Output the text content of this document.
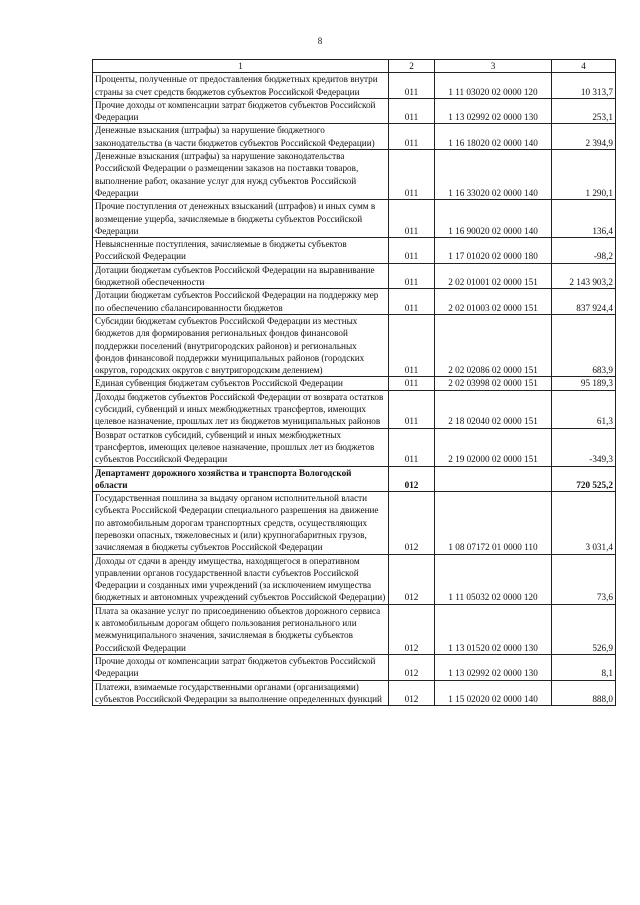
8
1	2	3	4
Проценты, полученные от предоставления бюджетных кредитов внутри страны за счет средств бюджетов субъектов Российской Федерации	011	1 11 03020 02 0000 120	10 313,7
Прочие доходы от компенсации затрат бюджетов субъектов Российской Федерации	011	1 13 02992 02 0000 130	253,1
Денежные взыскания (штрафы) за нарушение бюджетного законодательства (в части бюджетов субъектов Российской Федерации)	011	1 16 18020 02 0000 140	2 394,9
Денежные взыскания (штрафы) за нарушение законодательства Российской Федерации о размещении заказов на поставки товаров, выполнение работ, оказание услуг для нужд субъектов Российской Федерации	011	1 16 33020 02 0000 140	1 290,1
Прочие поступления от денежных взысканий (штрафов) и иных сумм в возмещение ущерба, зачисляемые в бюджеты субъектов Российской Федерации	011	1 16 90020 02 0000 140	136,4
Невыясненные поступления, зачисляемые в бюджеты субъектов Российской Федерации	011	1 17 01020 02 0000 180	-98,2
Дотации бюджетам субъектов Российской Федерации на выравнивание бюджетной обеспеченности	011	2 02 01001 02 0000 151	2 143 903,2
Дотации бюджетам субъектов Российской Федерации на поддержку мер по обеспечению сбалансированности бюджетов	011	2 02 01003 02 0000 151	837 924,4
Субсидии бюджетам субъектов Российской Федерации из местных бюджетов для формирования региональных фондов финансовой поддержки поселений (внутригородских районов) и региональных фондов финансовой поддержки муниципальных районов (городских округов, городских округов с внутригородским делением)	011	2 02 02086 02 0000 151	683,9
Единая субвенция бюджетам субъектов Российской Федерации	011	2 02 03998 02 0000 151	95 189,3
Доходы бюджетов субъектов Российской Федерации от возврата остатков субсидий, субвенций и иных межбюджетных трансфертов, имеющих целевое назначение, прошлых лет из бюджетов муниципальных районов	011	2 18 02040 02 0000 151	61,3
Возврат остатков субсидий, субвенций и иных межбюджетных трансфертов, имеющих целевое назначение, прошлых лет из бюджетов субъектов Российской Федерации	011	2 19 02000 02 0000 151	-349,3
Департамент дорожного хозяйства и транспорта Вологодской области	012		720 525,2
Государственная пошлина за выдачу органом исполнительной власти субъекта Российской Федерации специального разрешения на движение по автомобильным дорогам транспортных средств, осуществляющих перевозки опасных, тяжеловесных и (или) крупногабаритных грузов, зачисляемая в бюджеты субъектов Российской Федерации	012	1 08 07172 01 0000 110	3 031,4
Доходы от сдачи в аренду имущества, находящегося в оперативном управлении органов государственной власти субъектов Российской Федерации и созданных ими учреждений (за исключением имущества бюджетных и автономных учреждений субъектов Российской Федерации)	012	1 11 05032 02 0000 120	73,6
Плата за оказание услуг по присоединению объектов дорожного сервиса к автомобильным дорогам общего пользования регионального или межмуниципального значения, зачисляемая в бюджеты субъектов Российской Федерации	012	1 13 01520 02 0000 130	526,9
Прочие доходы от компенсации затрат бюджетов субъектов Российской Федерации	012	1 13 02992 02 0000 130	8,1
Платежи, взимаемые государственными органами (организациями) субъектов Российской Федерации за выполнение определенных функций	012	1 15 02020 02 0000 140	888,0
